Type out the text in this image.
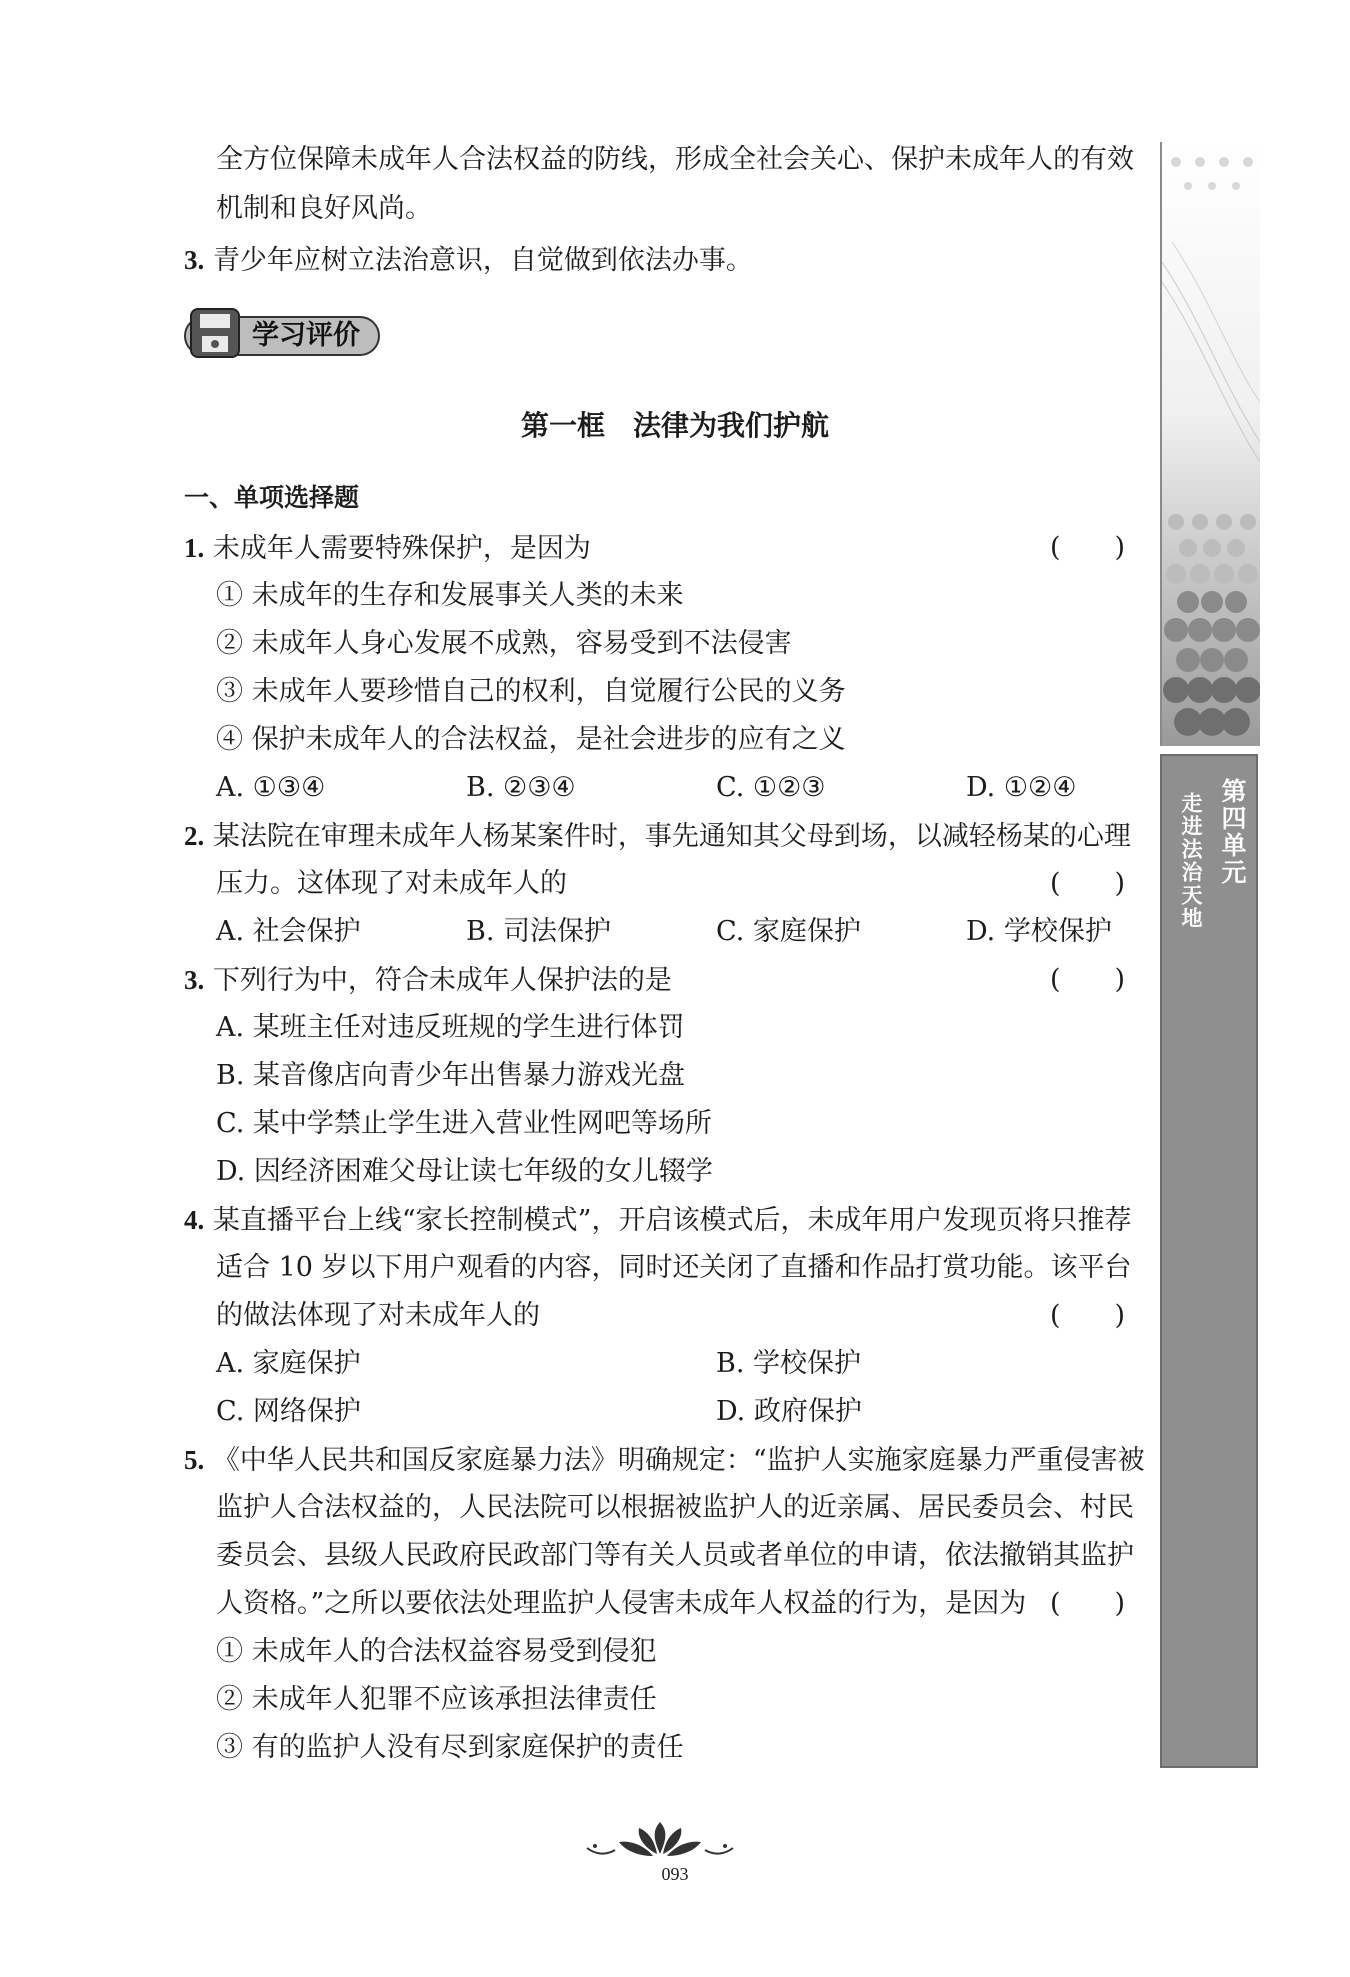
全方位保障未成年人合法权益的防线，形成全社会关心、保护未成年人的有效
机制和良好风尚。
3. 青少年应树立法治意识，自觉做到依法办事。
学习评价
第一框　法律为我们护航
一、单项选择题
1. 未成年人需要特殊保护，是因为	(　　)
① 未成年的生存和发展事关人类的未来
② 未成年人身心发展不成熟，容易受到不法侵害
③ 未成年人要珍惜自己的权利，自觉履行公民的义务
④ 保护未成年人的合法权益，是社会进步的应有之义
A. ①③④	B. ②③④	C. ①②③	D. ①②④
2. 某法院在审理未成年人杨某案件时，事先通知其父母到场，以减轻杨某的心理
压力。这体现了对未成年人的	(　　)
A. 社会保护	B. 司法保护	C. 家庭保护	D. 学校保护
3. 下列行为中，符合未成年人保护法的是	(　　)
A. 某班主任对违反班规的学生进行体罚
B. 某音像店向青少年出售暴力游戏光盘
C. 某中学禁止学生进入营业性网吧等场所
D. 因经济困难父母让读七年级的女儿辍学
4. 某直播平台上线“家长控制模式”，开启该模式后，未成年用户发现页将只推荐
适合 10 岁以下用户观看的内容，同时还关闭了直播和作品打赏功能。该平台
的做法体现了对未成年人的	(　　)
A. 家庭保护	B. 学校保护
C. 网络保护	D. 政府保护
5. 《中华人民共和国反家庭暴力法》明确规定：“监护人实施家庭暴力严重侵害被
监护人合法权益的，人民法院可以根据被监护人的近亲属、居民委员会、村民
委员会、县级人民政府民政部门等有关人员或者单位的申请，依法撤销其监护
人资格。”之所以要依法处理监护人侵害未成年人权益的行为，是因为 (　　)
① 未成年人的合法权益容易受到侵犯
② 未成年人犯罪不应该承担法律责任
③ 有的监护人没有尽到家庭保护的责任
第四单元
走进法治天地
093
